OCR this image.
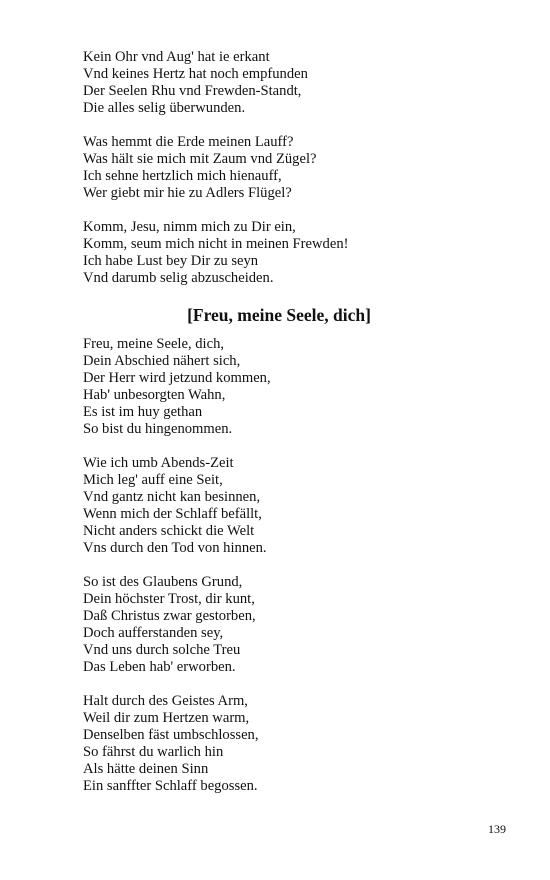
Kein Ohr vnd Aug' hat ie erkant
Vnd keines Hertz hat noch empfunden
Der Seelen Rhu vnd Frewden-Standt,
Die alles selig überwunden.
Was hemmt die Erde meinen Lauff?
Was hält sie mich mit Zaum vnd Zügel?
Ich sehne hertzlich mich hienauff,
Wer giebt mir hie zu Adlers Flügel?
Komm, Jesu, nimm mich zu Dir ein,
Komm, seum mich nicht in meinen Frewden!
Ich habe Lust bey Dir zu seyn
Vnd darumb selig abzuscheiden.
[Freu, meine Seele, dich]
Freu, meine Seele, dich,
Dein Abschied nähert sich,
Der Herr wird jetzund kommen,
Hab' unbesorgten Wahn,
Es ist im huy gethan
So bist du hingenommen.
Wie ich umb Abends-Zeit
Mich leg' auff eine Seit,
Vnd gantz nicht kan besinnen,
Wenn mich der Schlaff befällt,
Nicht anders schickt die Welt
Vns durch den Tod von hinnen.
So ist des Glaubens Grund,
Dein höchster Trost, dir kunt,
Daß Christus zwar gestorben,
Doch aufferstanden sey,
Vnd uns durch solche Treu
Das Leben hab' erworben.
Halt durch des Geistes Arm,
Weil dir zum Hertzen warm,
Denselben fäst umbschlossen,
So fährst du warlich hin
Als hätte deinen Sinn
Ein sanffter Schlaff begossen.
139
